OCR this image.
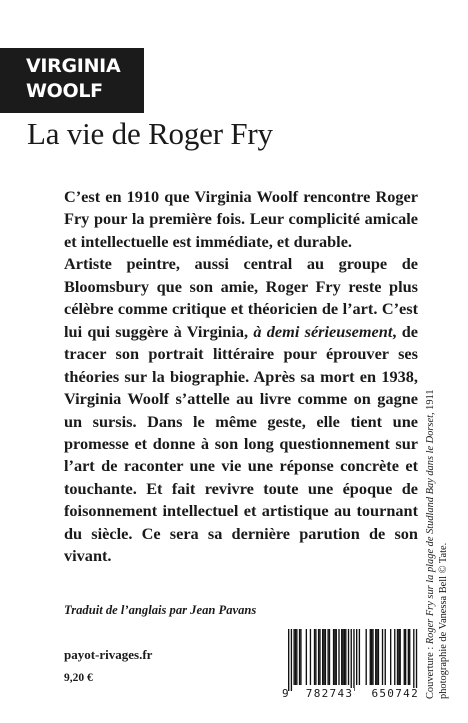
VIRGINIA
WOOLF
La vie de Roger Fry

C’est en 1910 que Virginia Woolf rencontre Roger Fry pour la première fois. Leur complicité amicale et intellectuelle est immédiate, et durable.

Artiste peintre, aussi central au groupe de Bloomsbury que son amie, Roger Fry reste plus célèbre comme critique et théoricien de l’art. C’est lui qui suggère à Virginia, à demi sérieusement, de tracer son portrait littéraire pour éprouver ses théories sur la biographie. Après sa mort en 1938, Virginia Woolf s’attelle au livre comme on gagne un sursis. Dans le même geste, elle tient une promesse et donne à son long questionnement sur l’art de raconter une vie une réponse concrète et touchante. Et fait revivre toute une époque de foisonnement intellectuel et artistique au tournant du siècle. Ce sera sa dernière parution de son vivant.

Traduit de l’anglais par Jean Pavans
payot-rivages.fr
9,20 €
9 782743 650742 Couverture : Roger Fry sur la plage de Studland Bay dans le Dorset, 1911
photographie de Vanessa Bell © Tate.
